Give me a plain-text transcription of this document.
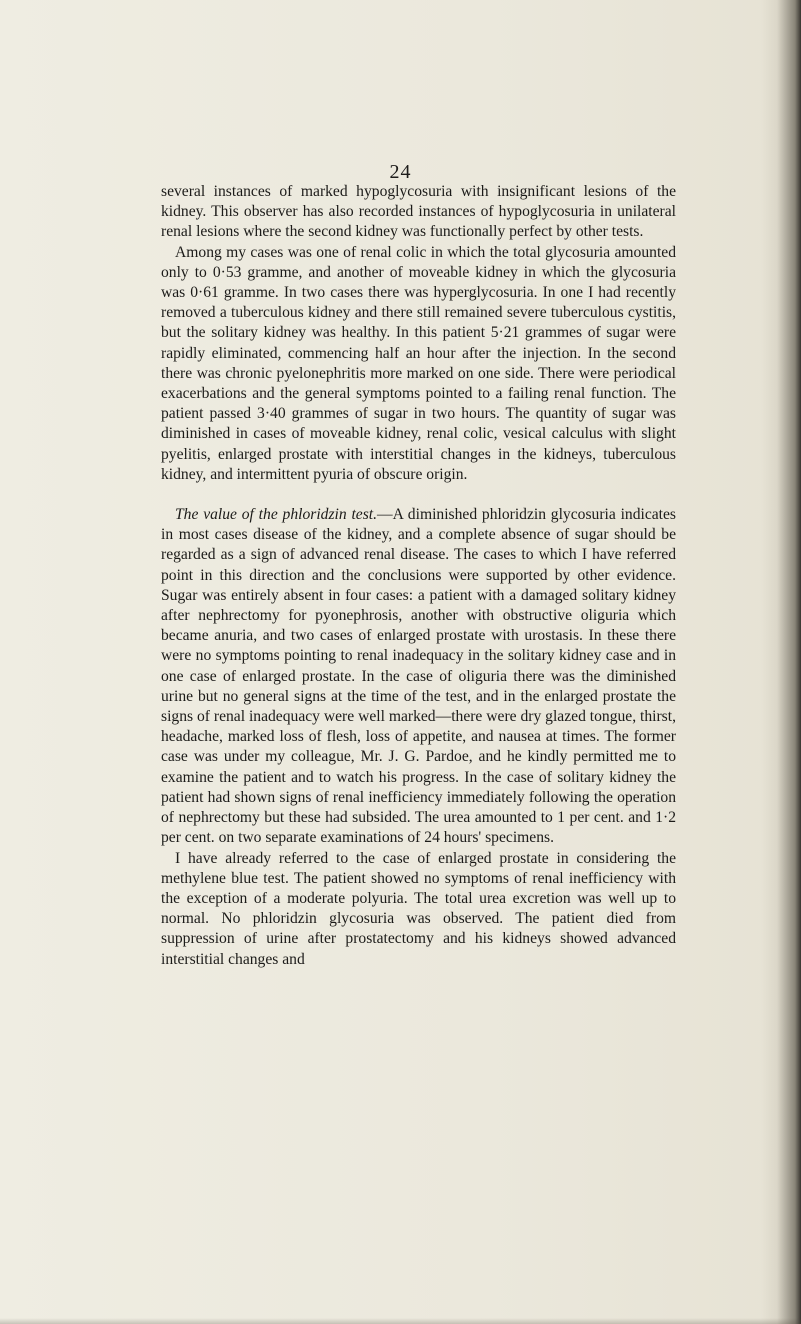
24

several instances of marked hypoglycosuria with insignificant lesions of the kidney. This observer has also recorded instances of hypoglycosuria in unilateral renal lesions where the second kidney was functionally perfect by other tests.

Among my cases was one of renal colic in which the total glycosuria amounted only to 0·53 gramme, and another of moveable kidney in which the glycosuria was 0·61 gramme. In two cases there was hyperglycosuria. In one I had recently removed a tuberculous kidney and there still remained severe tuberculous cystitis, but the solitary kidney was healthy. In this patient 5·21 grammes of sugar were rapidly eliminated, commencing half an hour after the injection. In the second there was chronic pyelonephritis more marked on one side. There were periodical exacerbations and the general symptoms pointed to a failing renal function. The patient passed 3·40 grammes of sugar in two hours. The quantity of sugar was diminished in cases of moveable kidney, renal colic, vesical calculus with slight pyelitis, enlarged prostate with interstitial changes in the kidneys, tuberculous kidney, and intermittent pyuria of obscure origin.

The value of the phloridzin test.—A diminished phloridzin glycosuria indicates in most cases disease of the kidney, and a complete absence of sugar should be regarded as a sign of advanced renal disease. The cases to which I have referred point in this direction and the conclusions were supported by other evidence. Sugar was entirely absent in four cases: a patient with a damaged solitary kidney after nephrectomy for pyonephrosis, another with obstructive oliguria which became anuria, and two cases of enlarged prostate with urostasis. In these there were no symptoms pointing to renal inadequacy in the solitary kidney case and in one case of enlarged prostate. In the case of oliguria there was the diminished urine but no general signs at the time of the test, and in the enlarged prostate the signs of renal inadequacy were well marked—there were dry glazed tongue, thirst, headache, marked loss of flesh, loss of appetite, and nausea at times. The former case was under my colleague, Mr. J. G. Pardoe, and he kindly permitted me to examine the patient and to watch his progress. In the case of solitary kidney the patient had shown signs of renal inefficiency immediately following the operation of nephrectomy but these had subsided. The urea amounted to 1 per cent. and 1·2 per cent. on two separate examinations of 24 hours' specimens.

I have already referred to the case of enlarged prostate in considering the methylene blue test. The patient showed no symptoms of renal inefficiency with the exception of a moderate polyuria. The total urea excretion was well up to normal. No phloridzin glycosuria was observed. The patient died from suppression of urine after prostatectomy and his kidneys showed advanced interstitial changes and
